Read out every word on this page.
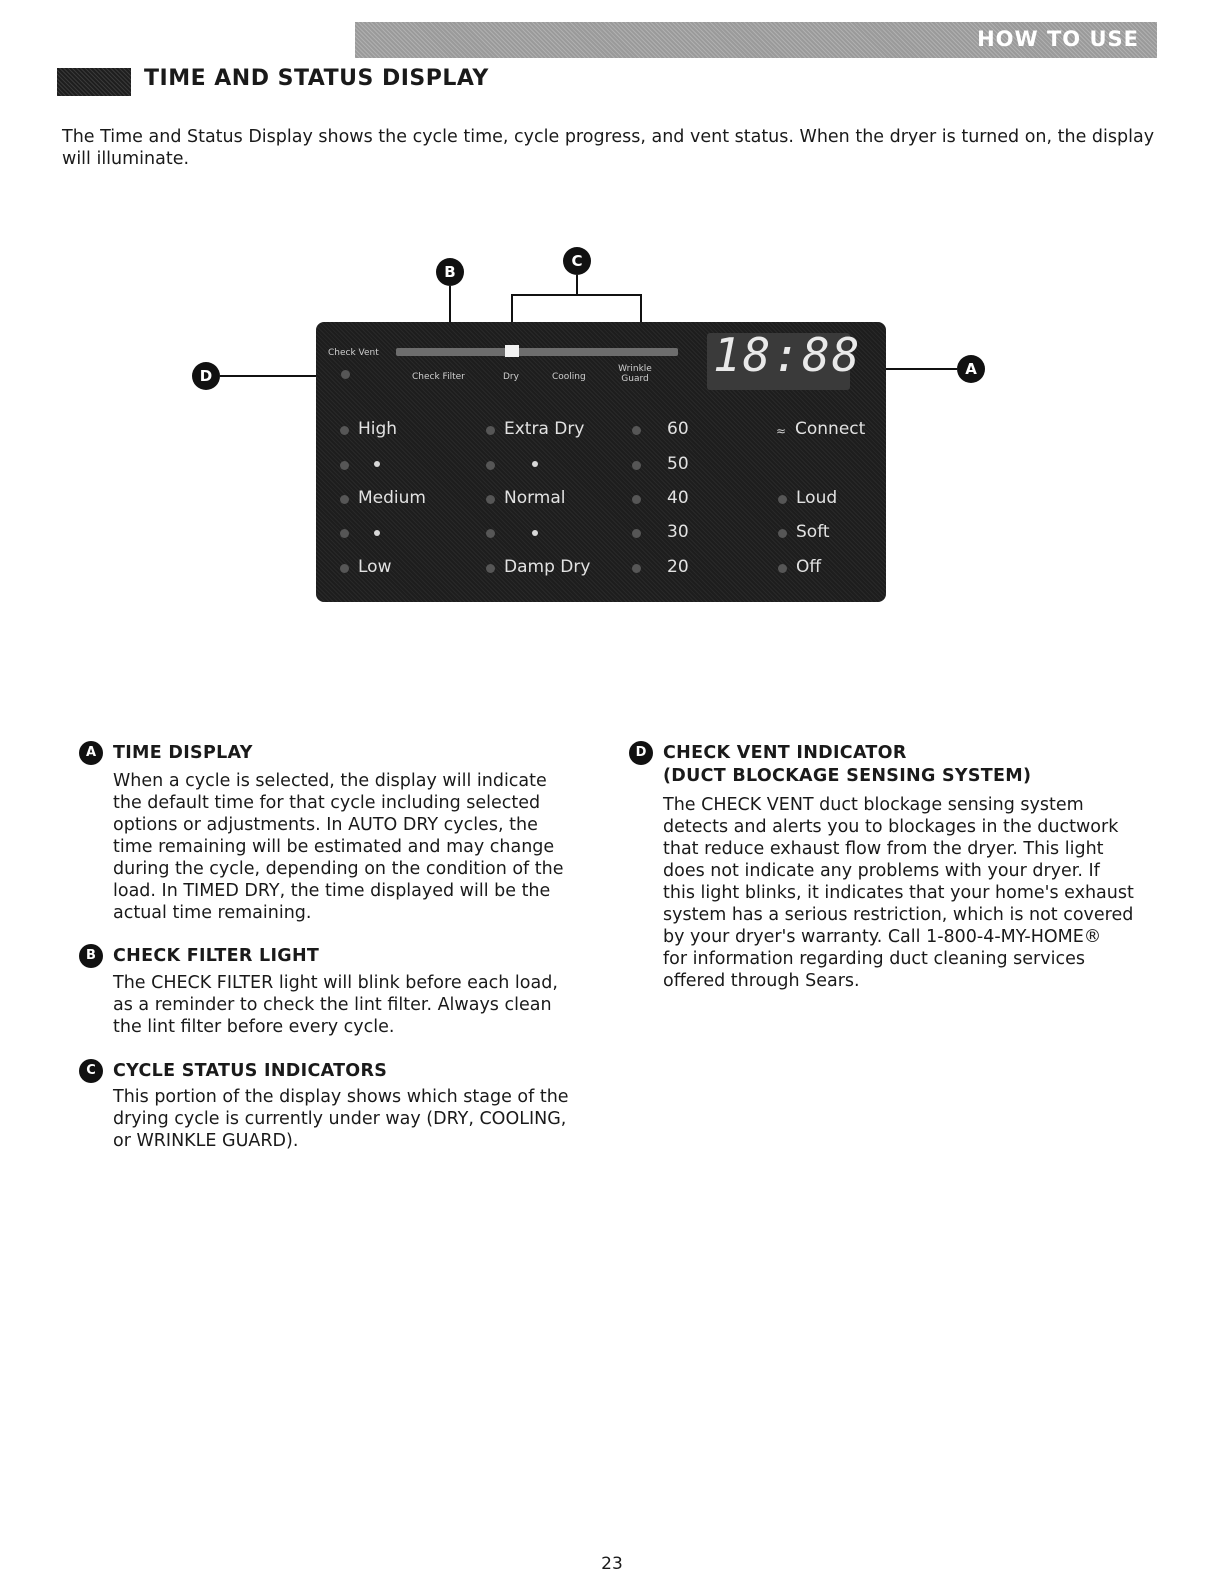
HOW TO USE
TIME AND STATUS DISPLAY
The Time and Status Display shows the cycle time, cycle progress, and vent status. When the dryer is turned on, the display will illuminate.
Check Vent
Check Filter	Dry	Cooling
Wrinkle Guard 18:88
High
Medium
Low
Extra Dry
Normal
Damp Dry
60
50
40
30
20
≈ Connect
Loud
Soft
Off
B
C
D	A
A TIME DISPLAY
When a cycle is selected, the display will indicate
the default time for that cycle including selected
options or adjustments. In AUTO DRY cycles, the
time remaining will be estimated and may change
during the cycle, depending on the condition of the
load. In TIMED DRY, the time displayed will be the
actual time remaining.
B CHECK FILTER LIGHT
The CHECK FILTER light will blink before each load,
as a reminder to check the lint filter. Always clean
the lint filter before every cycle.
C CYCLE STATUS INDICATORS
This portion of the display shows which stage of the
drying cycle is currently under way (DRY, COOLING,
or WRINKLE GUARD).
D CHECK VENT INDICATOR
(DUCT BLOCKAGE SENSING SYSTEM)
The CHECK VENT duct blockage sensing system
detects and alerts you to blockages in the ductwork
that reduce exhaust flow from the dryer. This light
does not indicate any problems with your dryer. If
this light blinks, it indicates that your home's exhaust
system has a serious restriction, which is not covered
by your dryer's warranty. Call 1-800-4-MY-HOME®
for information regarding duct cleaning services
offered through Sears.
23
